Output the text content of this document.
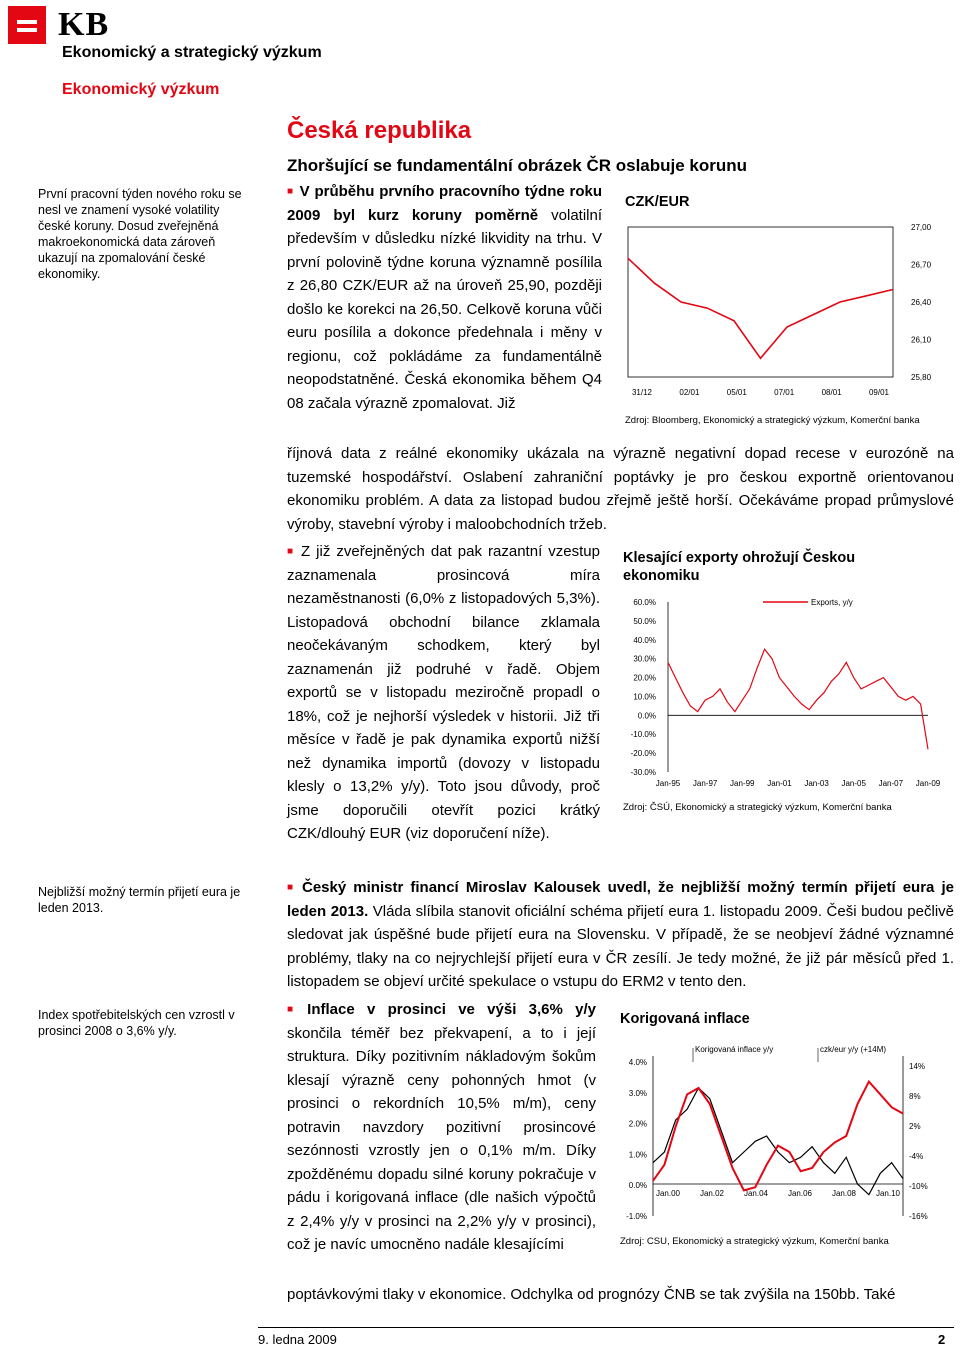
KB
Ekonomický a strategický výzkum
Ekonomický výzkum
Česká republika
Zhoršující se fundamentální obrázek ČR oslabuje korunu
První pracovní týden nového roku se nesl ve znamení vysoké volatility české koruny. Dosud zveřejněná makroekonomická data zároveň ukazují na zpomalování české ekonomiky.
Nejbližší možný termín přijetí eura je leden 2013.
Index spotřebitelských cen vzrostl v prosinci 2008 o 3,6% y/y.
■ V průběhu prvního pracovního týdne roku 2009 byl kurz koruny poměrně volatilní především v důsledku nízké likvidity na trhu. V první polovině týdne koruna významně posílila z 26,80 CZK/EUR až na úroveň 25,90, později došlo ke korekci na 26,50. Celkově koruna vůči euru posílila a dokonce předehnala i měny v regionu, což pokládáme za fundamentálně neopodstatněné. Česká ekonomika během Q4 08 začala výrazně zpomalovat. Již
říjnová data z reálné ekonomiky ukázala na výrazně negativní dopad recese v eurozóně na tuzemské hospodářství. Oslabení zahraniční poptávky je pro českou exportně orientovanou ekonomiku problém. A data za listopad budou zřejmě ještě horší. Očekáváme propad průmyslové výroby, stavební výroby i maloobchodních tržeb.
CZK/EUR
27,00
26,70
26,40
26,10
25,80
31/12	02/01	05/01	07/01	08/01	09/01
Zdroj: Bloomberg, Ekonomický a strategický výzkum, Komerční banka
■ Z již zveřejněných dat pak razantní vzestup zaznamenala prosincová míra nezaměstnanosti (6,0% z listopadových 5,3%). Listopadová obchodní bilance zklamala neočekávaným schodkem, který byl zaznamenán již podruhé v řadě. Objem exportů se v listopadu meziročně propadl o 18%, což je nejhorší výsledek v historii. Již tři měsíce v řadě je pak dynamika exportů nižší než dynamika importů (dovozy v listopadu klesly o 13,2% y/y). Toto jsou důvody, proč jsme doporučili otevřít pozici krátký CZK/dlouhý EUR (viz doporučení níže).
Klesající exporty ohrožují Českou ekonomiku
60.0%
50.0%
40.0%
30.0%
20.0%
10.0%
0.0%
-10.0%
-20.0%
-30.0%
Jan-95 Jan-97 Jan-99 Jan-01 Jan-03 Jan-05 Jan-07 Jan-09
Exports, y/y
Zdroj: ČSÚ, Ekonomický a strategický výzkum, Komerční banka
■ Český ministr financí Miroslav Kalousek uvedl, že nejbližší možný termín přijetí eura je leden 2013. Vláda slíbila stanovit oficiální schéma přijetí eura 1. listopadu 2009. Češi budou pečlivě sledovat jak úspěšné bude přijetí eura na Slovensku. V případě, že se neobjeví žádné významné problémy, tlaky na co nejrychlejší přijetí eura v ČR zesílí. Je tedy možné, že již pár měsíců před 1. listopadem se objeví určité spekulace o vstupu do ERM2 v tento den.
■ Inflace v prosinci ve výši 3,6% y/y skončila téměř bez překvapení, a to i její struktura. Díky pozitivním nákladovým šokům klesají výrazně ceny pohonných hmot (v prosinci o rekordních 10,5% m/m), ceny potravin navzdory pozitivní prosincové sezónnosti vzrostly jen o 0,1% m/m. Díky zpožděnému dopadu silné koruny pokračuje v pádu i korigovaná inflace (dle našich výpočtů z 2,4% y/y v prosinci na 2,2% y/y v prosinci), což je navíc umocněno nadále klesajícími
poptávkovými tlaky v ekonomice. Odchylka od prognózy ČNB se tak zvýšila na 150bb. Také
Korigovaná inflace
4.0%
3.0%
2.0%
1.0%
0.0%
-1.0%
14%
8%
2%
-4%
-10%
-16%
Jan.00 Jan.02 Jan.04 Jan.06 Jan.08 Jan.10
Korigovaná inflace y/y	czk/eur y/y (+14M)
Zdroj: CSU, Ekonomický a strategický výzkum, Komerční banka
9. ledna 2009	2
